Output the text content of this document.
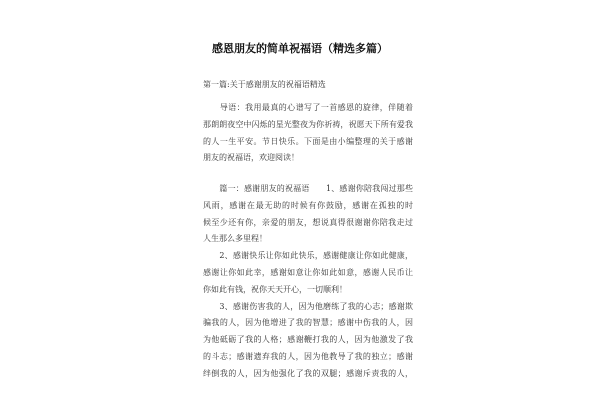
感恩朋友的简单祝福语（精选多篇）
第一篇:关于感谢朋友的祝福语精选
　　导语：我用最真的心谱写了一首感恩的旋律，伴随着
那朗朗夜空中闪烁的星光整夜为你祈祷，祝愿天下所有爱我
的人一生平安。节日快乐。下面是由小编整理的关于感谢
朋友的祝福语，欢迎阅读！
　　篇一：感谢朋友的祝福语　　1、感谢你陪我闯过那些
风雨，感谢在最无助的时候有你鼓励，感谢在孤独的时
候至少还有你，亲爱的朋友，想说真得很谢谢你陪我走过
人生那么多里程！
　　2、感谢快乐让你如此快乐，感谢健康让你如此健康，
感谢让你如此幸，感谢如意让你如此如意，感谢人民币让
你如此有钱，祝你天天开心，一切顺利！
　　3、感谢伤害我的人，因为他磨练了我的心志；感谢欺
骗我的人，因为他增进了我的智慧；感谢中伤我的人，因
为他砥砺了我的人格；感谢鞭打我的人，因为他激发了我
的斗志；感谢遗弃我的人，因为他教导了我的独立；感谢
绊倒我的人，因为他强化了我的双腿；感谢斥责我的人，
